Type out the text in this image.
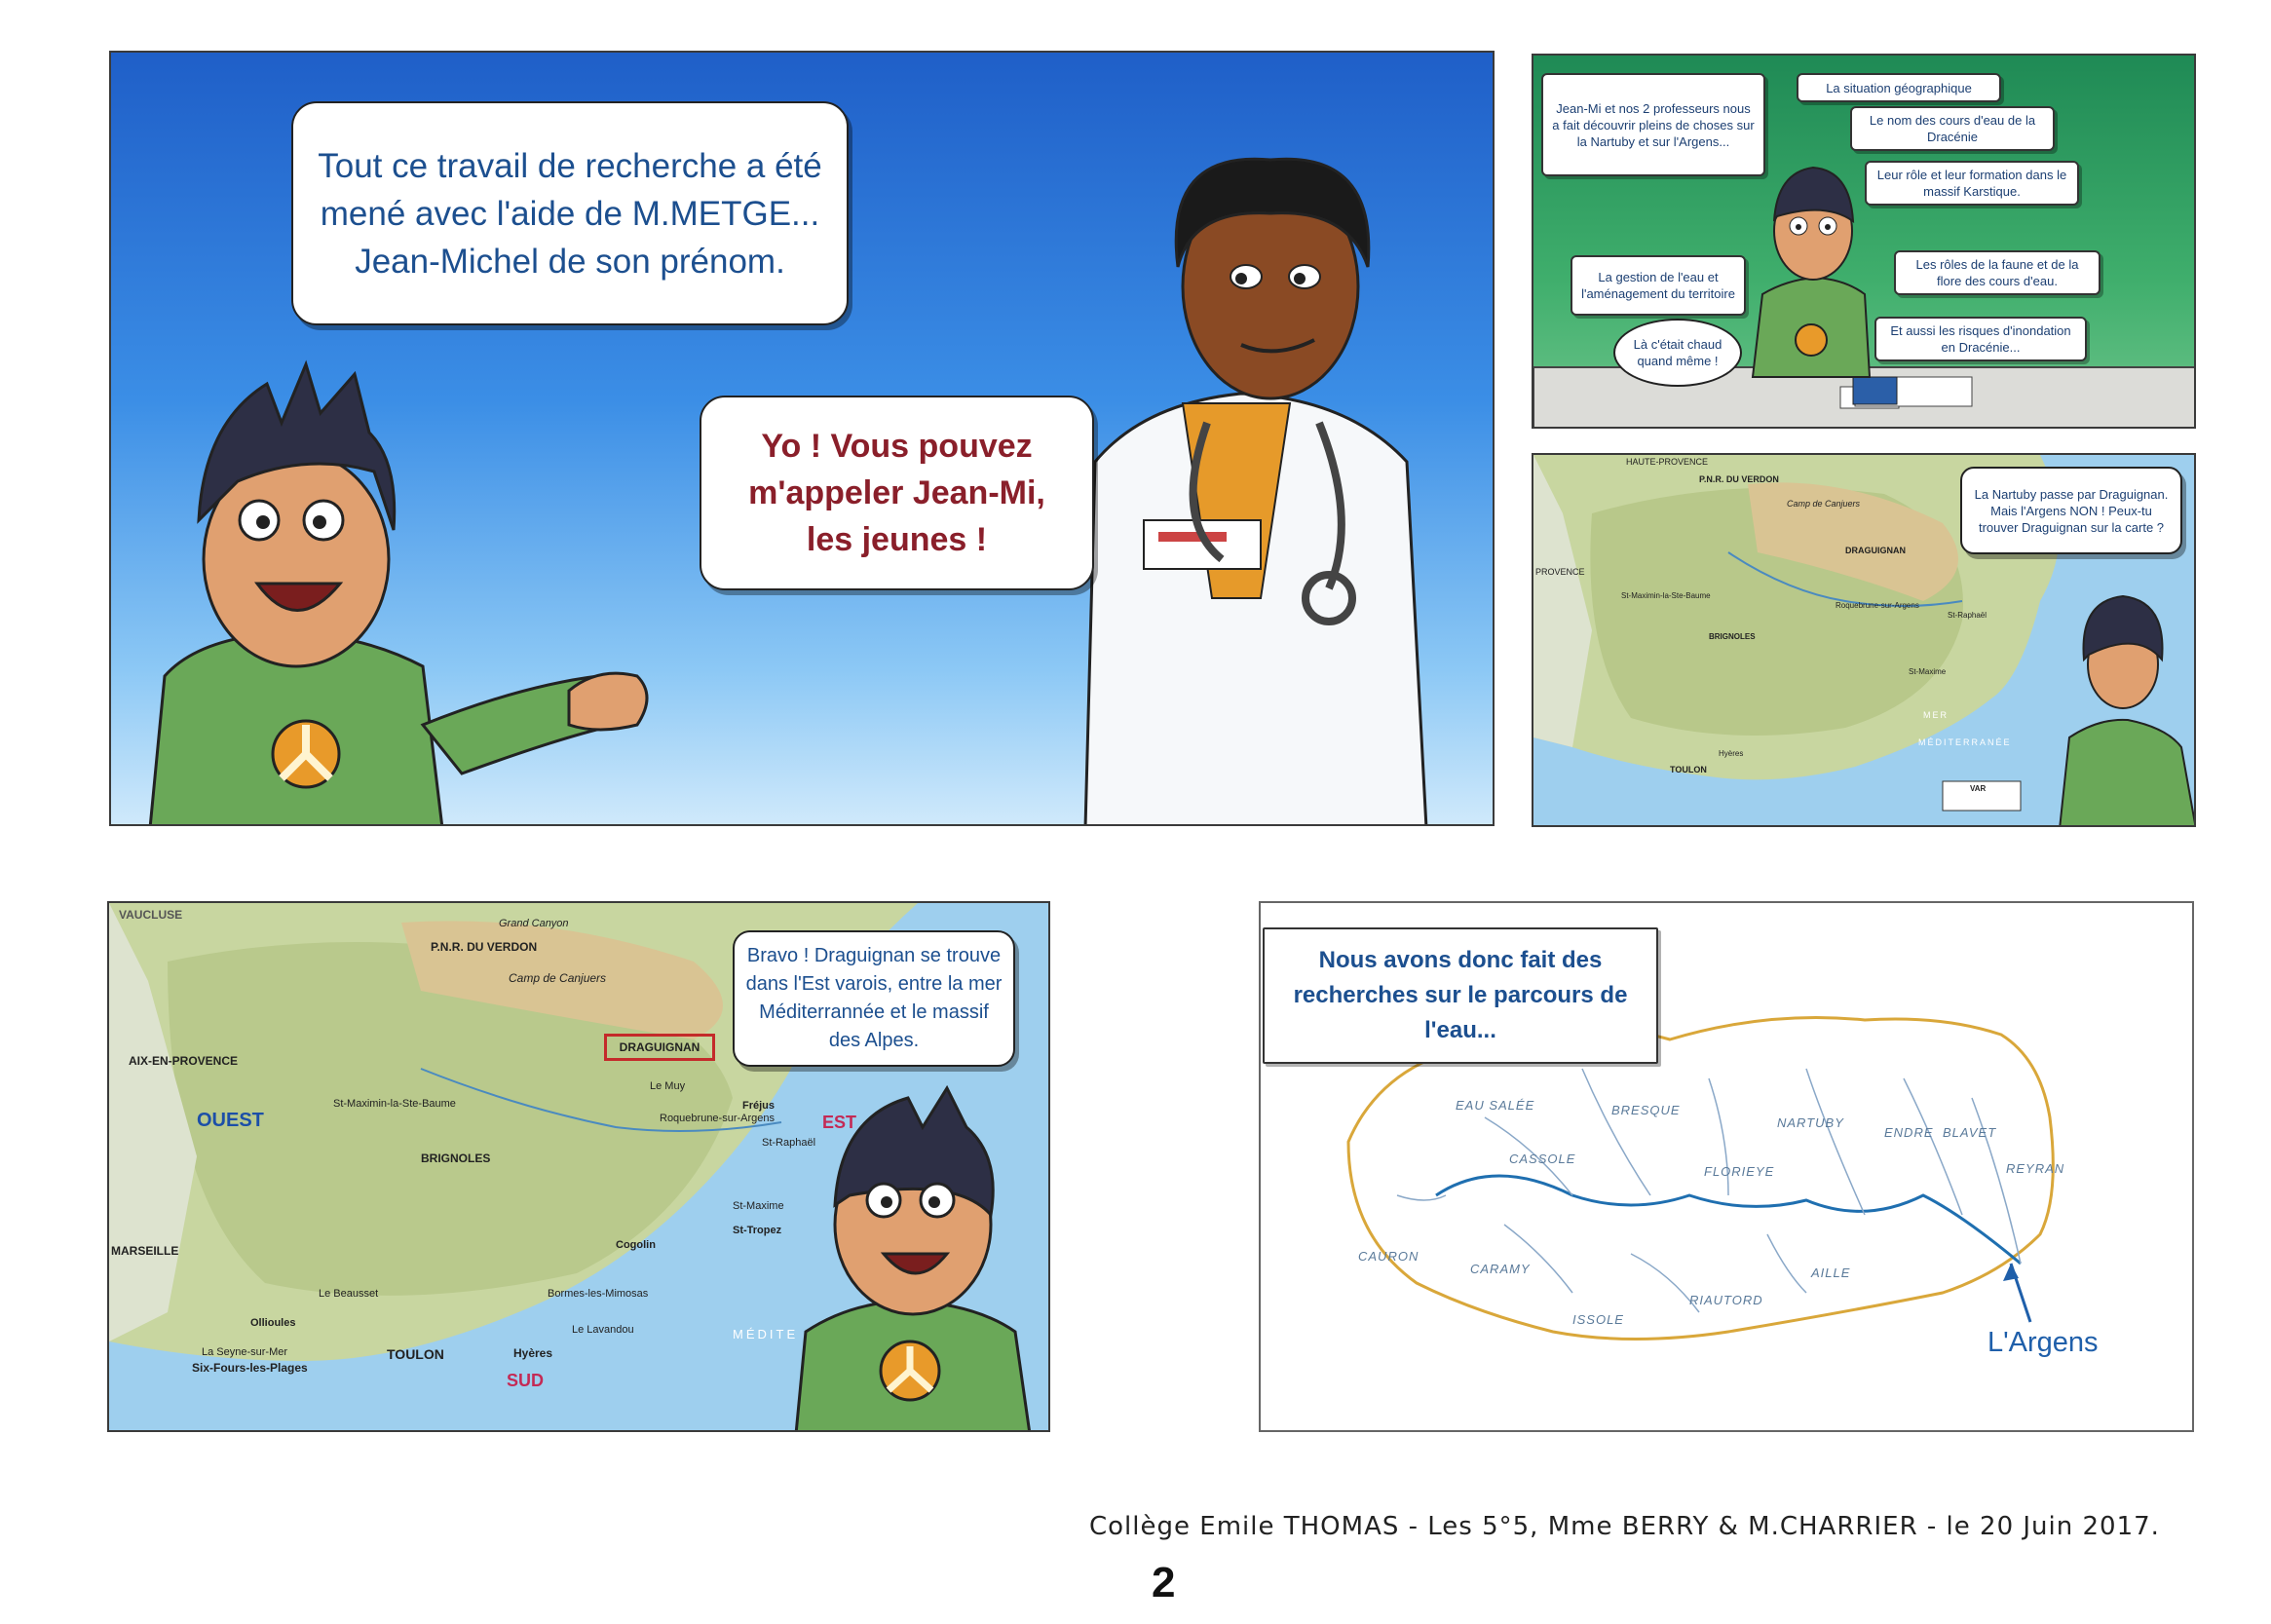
Tout ce travail de recherche a été mené avec l'aide de M.METGE... Jean-Michel de son prénom.
Yo ! Vous pouvez m'appeler Jean-Mi, les jeunes !
Jean-Mi et nos 2 professeurs nous a fait découvrir pleins de choses sur la Nartuby et sur l'Argens...
La situation géographique
Le nom des cours d'eau de la Dracénie
Leur rôle et leur formation dans le massif Karstique.
La gestion de l'eau et l'aménagement du territoire
Les rôles de la faune et de la flore des cours d'eau.
Et aussi les risques d'inondation en Dracénie...
Là c'était chaud quand même !
P.N.R. DU VERDON
HAUTE-PROVENCE
Camp de Canjuers
DRAGUIGNAN
PROVENCE
St-Maximin-la-Ste-Baume
BRIGNOLES
Roquebrune-sur-Argens
St-Raphaël
St-Maxime
TOULON
Hyères
MER
MÉDITERRANÉE
VAR
La Nartuby passe par Draguignan. Mais l'Argens NON ! Peux-tu trouver Draguignan sur la carte ?
VAUCLUSE
P.N.R. DU VERDON
Grand Canyon
Camp de Canjuers
AIX-EN-PROVENCE
St-Maximin-la-Ste-Baume
BRIGNOLES
Le Muy
Fréjus
Roquebrune-sur-Argens
St-Raphaël
St-Maxime
St-Tropez
MARSEILLE
TOULON	Hyères
Six-Fours-les-Plages
La Seyne-sur-Mer
Le Beausset
Ollioules
Cogolin
Le Lavandou
Bormes-les-Mimosas
MÉDITE
DRAGUIGNAN
OUEST	EST
SUD
Bravo ! Draguignan se trouve dans l'Est varois, entre la mer Méditerrannée et le massif des Alpes.
EAU SALÉE	BRESQUE
NARTUBY
ENDRE BLAVET
CASSOLE
FLORIEYE	REYRAN
CAURON
CARAMY	AILLE
ISSOLE
RIAUTORD
L'Argens
Nous avons donc fait des recherches sur le parcours de l'eau...
Collège Emile THOMAS - Les 5°5, Mme BERRY & M.CHARRIER - le 20 Juin 2017.
2
